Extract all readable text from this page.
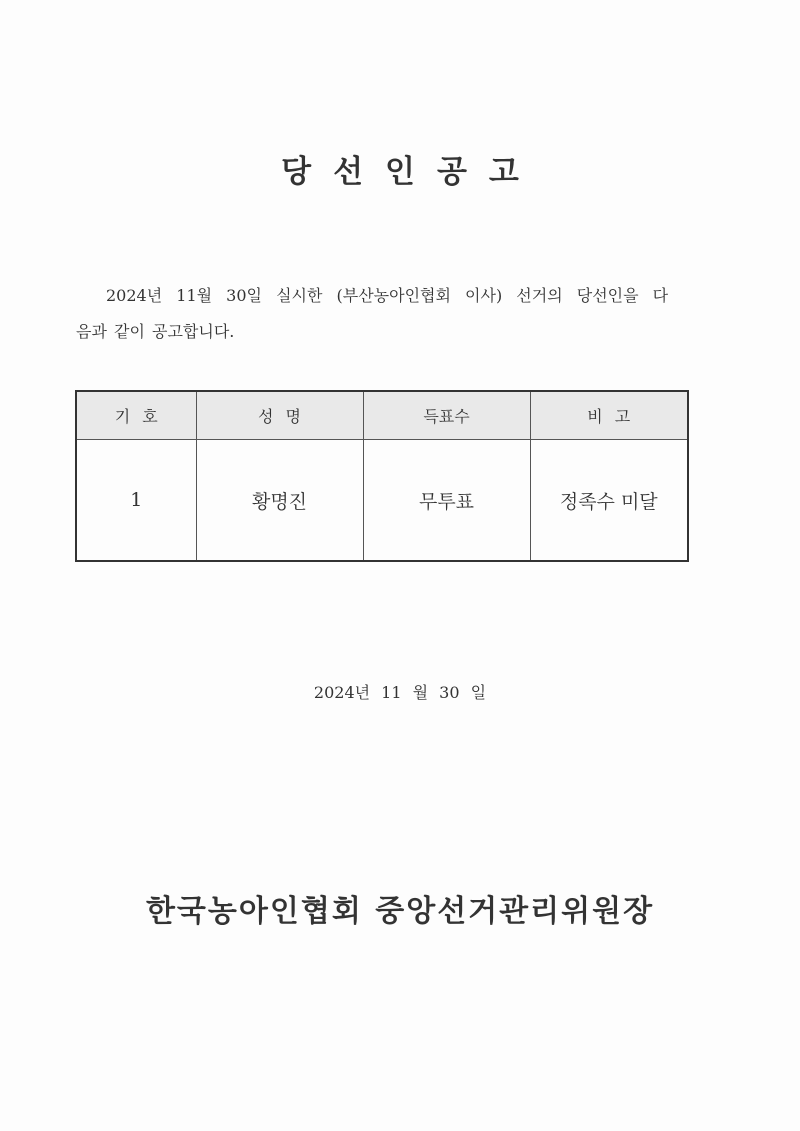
당선인공고
2024년 11월 30일 실시한 (부산농아인협회 이사) 선거의 당선인을 다
음과 같이 공고합니다.
기호	성명	득표수	비고
1	황명진	무투표	정족수 미달
2024년 11 월 30 일
한국농아인협회 중앙선거관리위원장
